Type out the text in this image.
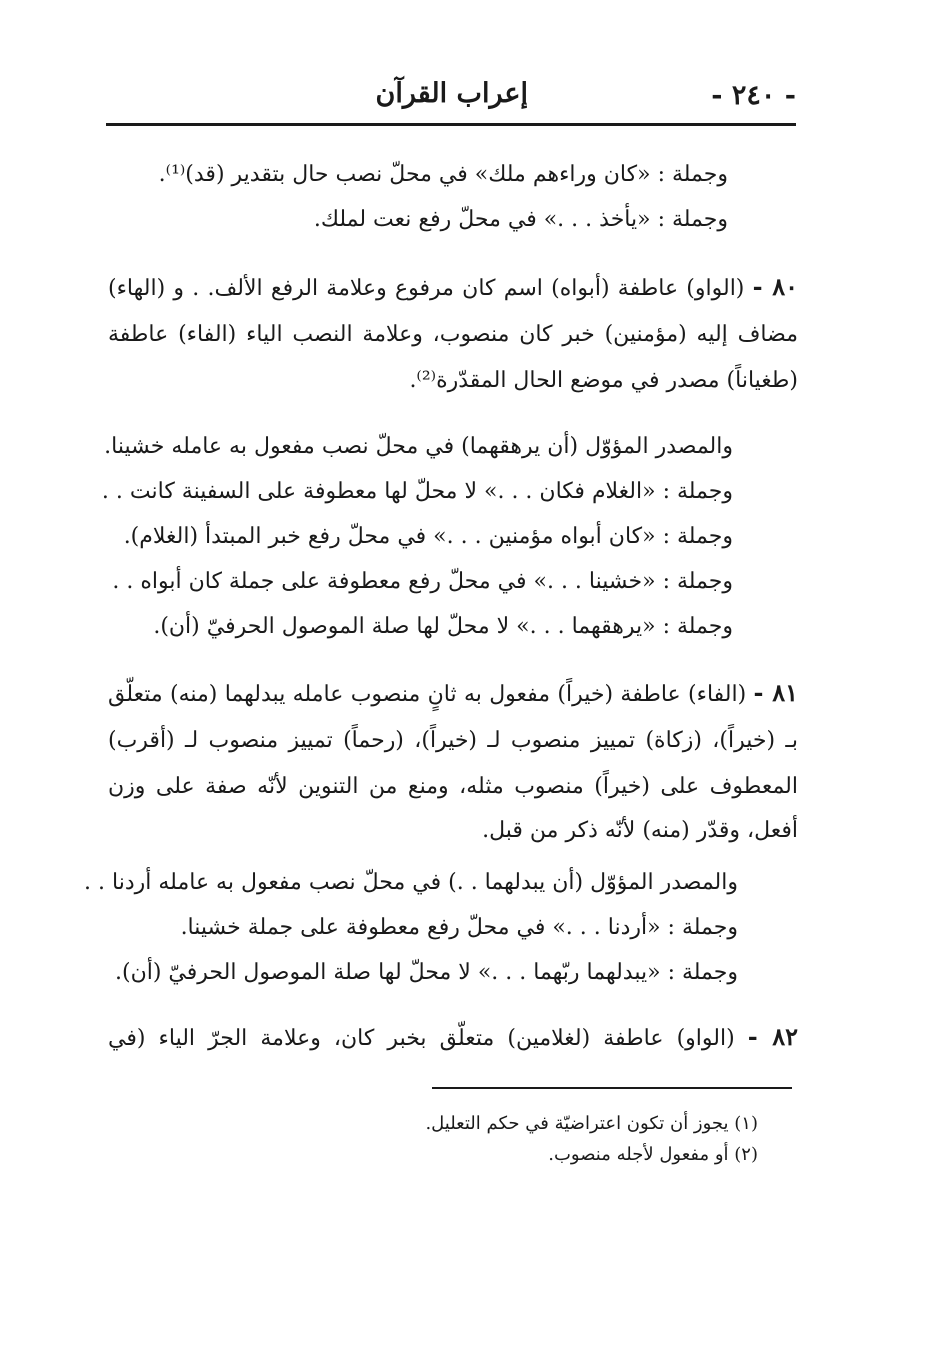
- ٢٤٠ -
إعراب القرآن
وجملة : «كان وراءهم ملك» في محلّ نصب حال بتقدير (قد)⁽¹⁾.
وجملة : «يأخذ . . .» في محلّ رفع نعت لملك.
٨٠ - (الواو) عاطفة (أبواه) اسم كان مرفوع وعلامة الرفع الألف. . و (الهاء)
مضاف إليه (مؤمنين) خبر كان منصوب، وعلامة النصب الياء (الفاء) عاطفة
(طغياناً) مصدر في موضع الحال المقدّرة⁽²⁾.
والمصدر المؤوّل (أن يرهقهما) في محلّ نصب مفعول به عامله خشينا.
وجملة : «الغلام فكان . . .» لا محلّ لها معطوفة على السفينة كانت . .
وجملة : «كان أبواه مؤمنين . . .» في محلّ رفع خبر المبتدأ (الغلام).
وجملة : «خشينا . . .» في محلّ رفع معطوفة على جملة كان أبواه . .
وجملة : «يرهقهما . . .» لا محلّ لها صلة الموصول الحرفيّ (أن).
٨١ - (الفاء) عاطفة (خيراً) مفعول به ثانٍ منصوب عامله يبدلهما (منه) متعلّق
بـ (خيراً)، (زكاة) تمييز منصوب لـ (خيراً)، (رحماً) تمييز منصوب لـ (أقرب)
المعطوف على (خيراً) منصوب مثله، ومنع من التنوين لأنّه صفة على وزن
أفعل، وقدّر (منه) لأنّه ذكر من قبل.
والمصدر المؤوّل (أن يبدلهما . .) في محلّ نصب مفعول به عامله أردنا . .
وجملة : «أردنا . . .» في محلّ رفع معطوفة على جملة خشينا.
وجملة : «يبدلهما ربّهما . . .» لا محلّ لها صلة الموصول الحرفيّ (أن).
٨٢ - (الواو) عاطفة (لغلامين) متعلّق بخبر كان، وعلامة الجرّ الياء (في
(١) يجوز أن تكون اعتراضيّة في حكم التعليل.
(٢) أو مفعول لأجله منصوب.
